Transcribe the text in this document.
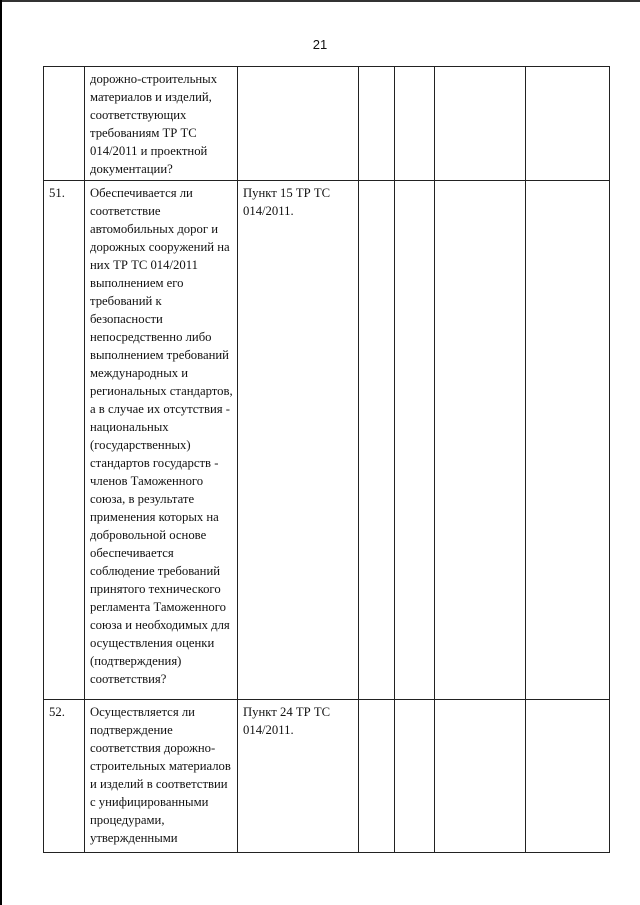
21
	дорожно-строительных материалов и изделий, соответствующих требованиям ТР ТС 014/2011 и проектной документации?					
51.	Обеспечивается ли соответствие автомобильных дорог и дорожных сооружений на них ТР ТС 014/2011 выполнением его требований к безопасности непосредственно либо выполнением требований международных и региональных стандартов, а в случае их отсутствия - национальных (государственных) стандартов государств - членов Таможенного союза, в результате применения которых на добровольной основе обеспечивается соблюдение требований принятого технического регламента Таможенного союза и необходимых для осуществления оценки (подтверждения) соответствия?	Пункт 15 ТР ТС 014/2011.				
52.	Осуществляется ли подтверждение соответствия дорожно-строительных материалов и изделий в соответствии с унифицированными процедурами, утвержденными	Пункт 24 ТР ТС 014/2011.				
